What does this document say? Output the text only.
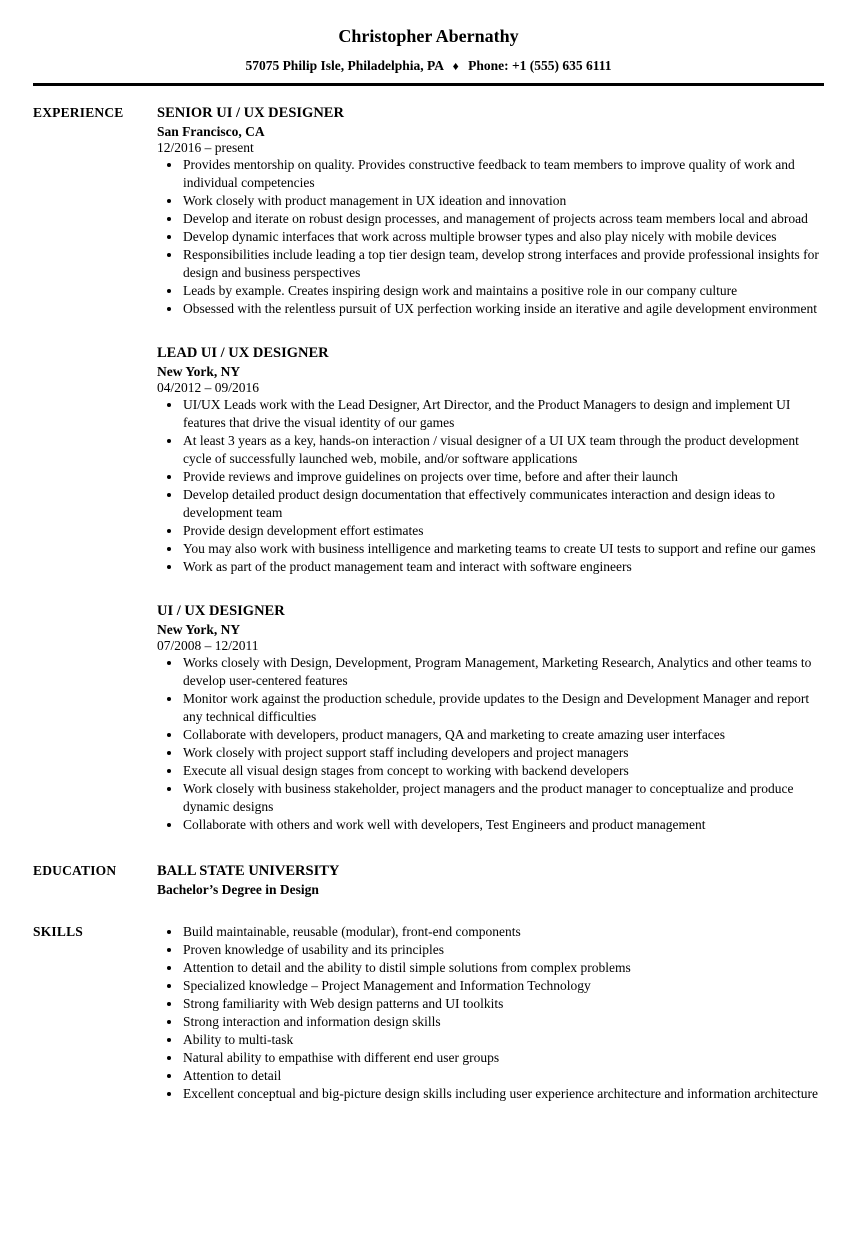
Christopher Abernathy

57075 Philip Isle, Philadelphia, PA ♦ Phone: +1 (555) 635 6111

EXPERIENCE	SENIOR UI / UX DESIGNER
San Francisco, CA
12/2016 – present
• Provides mentorship on quality. Provides constructive feedback to team members to improve quality of work and individual competencies
• Work closely with product management in UX ideation and innovation
• Develop and iterate on robust design processes, and management of projects across team members local and abroad
• Develop dynamic interfaces that work across multiple browser types and also play nicely with mobile devices
• Responsibilities include leading a top tier design team, develop strong interfaces and provide professional insights for design and business perspectives
• Leads by example. Creates inspiring design work and maintains a positive role in our company culture
• Obsessed with the relentless pursuit of UX perfection working inside an iterative and agile development environment
LEAD UI / UX DESIGNER
New York, NY
04/2012 – 09/2016
• UI/UX Leads work with the Lead Designer, Art Director, and the Product Managers to design and implement UI features that drive the visual identity of our games
• At least 3 years as a key, hands-on interaction / visual designer of a UI UX team through the product development cycle of successfully launched web, mobile, and/or software applications
• Provide reviews and improve guidelines on projects over time, before and after their launch
• Develop detailed product design documentation that effectively communicates interaction and design ideas to development team
• Provide design development effort estimates
• You may also work with business intelligence and marketing teams to create UI tests to support and refine our games
• Work as part of the product management team and interact with software engineers
UI / UX DESIGNER
New York, NY
07/2008 – 12/2011
• Works closely with Design, Development, Program Management, Marketing Research, Analytics and other teams to develop user-centered features
• Monitor work against the production schedule, provide updates to the Design and Development Manager and report any technical difficulties
• Collaborate with developers, product managers, QA and marketing to create amazing user interfaces
• Work closely with project support staff including developers and project managers
• Execute all visual design stages from concept to working with backend developers
• Work closely with business stakeholder, project managers and the product manager to conceptualize and produce dynamic designs
• Collaborate with others and work well with developers, Test Engineers and product management
EDUCATION	BALL STATE UNIVERSITY
Bachelor’s Degree in Design
SKILLS	• Build maintainable, reusable (modular), front-end components
• Proven knowledge of usability and its principles
• Attention to detail and the ability to distil simple solutions from complex problems
• Specialized knowledge – Project Management and Information Technology
• Strong familiarity with Web design patterns and UI toolkits
• Strong interaction and information design skills
• Ability to multi-task
• Natural ability to empathise with different end user groups
• Attention to detail
• Excellent conceptual and big-picture design skills including user experience architecture and information architecture
